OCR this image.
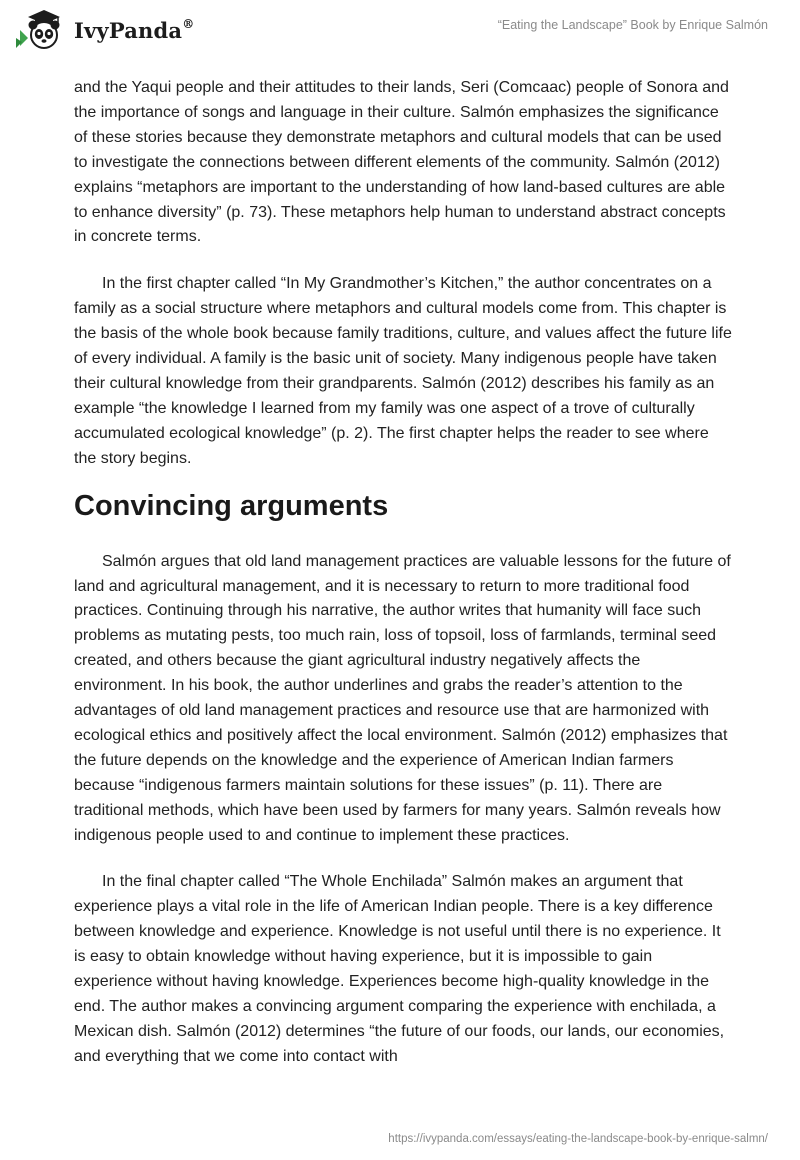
IvyPanda®	“Eating the Landscape” Book by Enrique Salmón

and the Yaqui people and their attitudes to their lands, Seri (Comcaac) people of Sonora and the importance of songs and language in their culture. Salmón emphasizes the significance of these stories because they demonstrate metaphors and cultural models that can be used to investigate the connections between different elements of the community. Salmón (2012) explains “metaphors are important to the understanding of how land-based cultures are able to enhance diversity” (p. 73). These metaphors help human to understand abstract concepts in concrete terms.

In the first chapter called “In My Grandmother’s Kitchen,” the author concentrates on a family as a social structure where metaphors and cultural models come from. This chapter is the basis of the whole book because family traditions, culture, and values affect the future life of every individual. A family is the basic unit of society. Many indigenous people have taken their cultural knowledge from their grandparents. Salmón (2012) describes his family as an example “the knowledge I learned from my family was one aspect of a trove of culturally accumulated ecological knowledge” (p. 2). The first chapter helps the reader to see where the story begins.

Convincing arguments

Salmón argues that old land management practices are valuable lessons for the future of land and agricultural management, and it is necessary to return to more traditional food practices. Continuing through his narrative, the author writes that humanity will face such problems as mutating pests, too much rain, loss of topsoil, loss of farmlands, terminal seed created, and others because the giant agricultural industry negatively affects the environment. In his book, the author underlines and grabs the reader’s attention to the advantages of old land management practices and resource use that are harmonized with ecological ethics and positively affect the local environment. Salmón (2012) emphasizes that the future depends on the knowledge and the experience of American Indian farmers because “indigenous farmers maintain solutions for these issues” (p. 11). There are traditional methods, which have been used by farmers for many years. Salmón reveals how indigenous people used to and continue to implement these practices.

In the final chapter called “The Whole Enchilada” Salmón makes an argument that experience plays a vital role in the life of American Indian people. There is a key difference between knowledge and experience. Knowledge is not useful until there is no experience. It is easy to obtain knowledge without having experience, but it is impossible to gain experience without having knowledge. Experiences become high-quality knowledge in the end. The author makes a convincing argument comparing the experience with enchilada, a Mexican dish. Salmón (2012) determines “the future of our foods, our lands, our economies, and everything that we come into contact with

https://ivypanda.com/essays/eating-the-landscape-book-by-enrique-salmn/
